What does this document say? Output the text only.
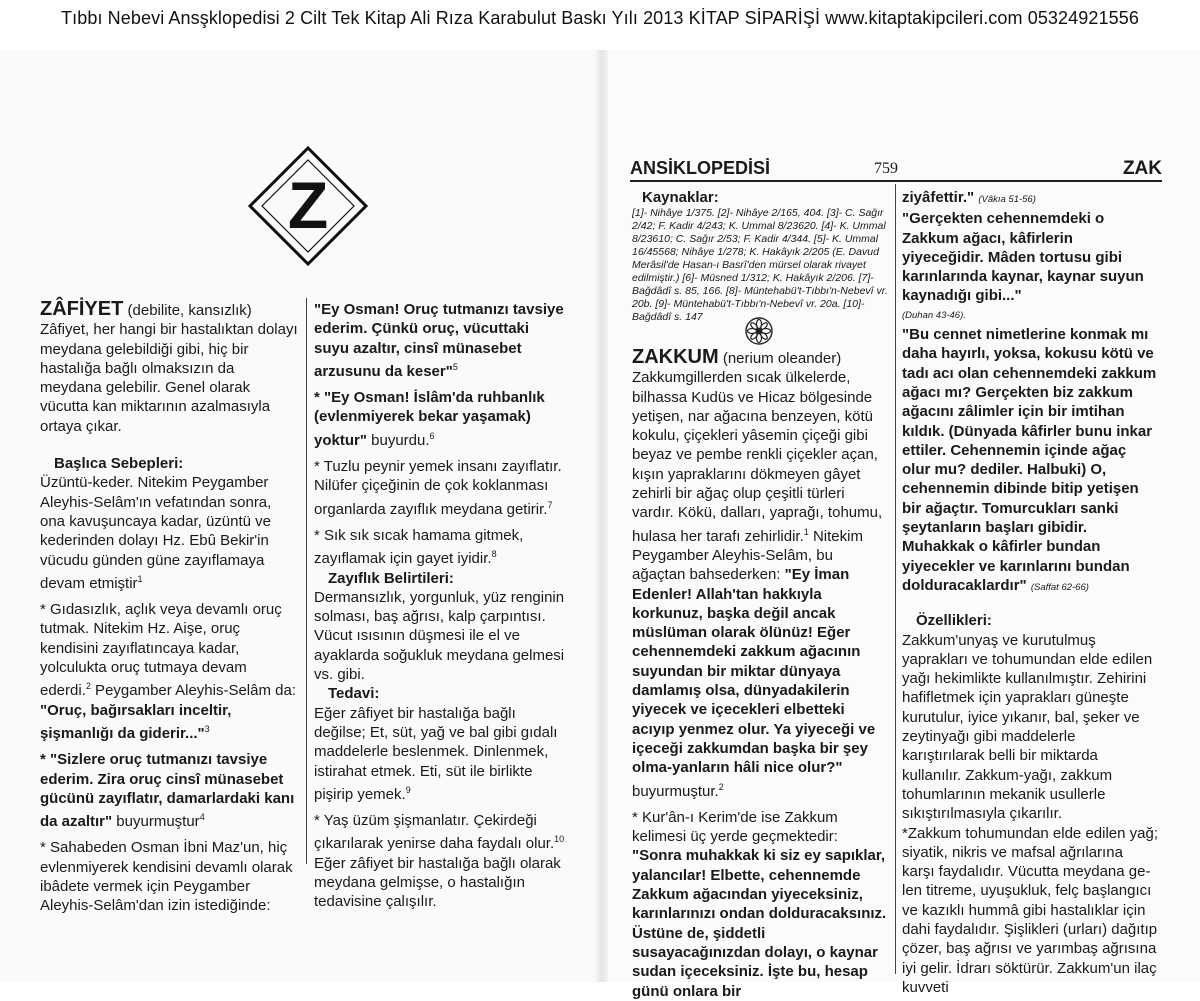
Tıbbı Nebevi Ansşklopedisi 2 Cilt Tek Kitap Ali Rıza Karabulut Baskı Yılı 2013 KİTAP SİPARİŞİ www.kitaptakipcileri.com 05324921556
Z	ANSİKLOPEDİSİ	759	ZAK

ZÂFİYET (debilite, kansızlık)

Zâfiyet, her hangi bir hastalıktan dolayı meydana gelebildiği gibi, hiç bir hastalığa bağlı olmaksızın da meydana gelebilir. Genel olarak vücutta kan miktarının azalmasıyla ortaya çıkar.

Başlıca Sebepleri:

Üzüntü-keder. Nitekim Peygamber Aleyhis-Selâm'ın vefatından sonra, ona kavuşuncaya kadar, üzüntü ve kederinden dolayı Hz. Ebû Bekir'in vücudu günden güne zayıflamaya devam etmiştir$^1$

* Gıdasızlık, açlık veya devamlı oruç tutmak. Nitekim Hz. Aişe, oruç kendisini zayıflatıncaya kadar, yolculukta oruç tutmaya devam ederdi.$^2$ Peygamber Aleyhis-Selâm da: "Oruç, bağırsakları inceltir, şişmanlığı da giderir..."$^3$

* "Sizlere oruç tutmanızı tavsiye ederim. Zira oruç cinsî münasebet gücünü zayıflatır, damarlardaki kanı da azaltır" buyurmuştur$^4$

* Sahabeden Osman İbni Maz'un, hiç evlenmiyerek kendisini devamlı olarak ibâdete vermek için Peygamber Aleyhis-Selâm'dan izin istediğinde:

"Ey Osman! Oruç tutmanızı tavsiye ederim. Çünkü oruç, vücuttaki suyu azaltır, cinsî münasebet arzusunu da keser"$^5$

* "Ey Osman! İslâm'da ruhbanlık (evlenmiyerek bekar yaşamak) yoktur" buyurdu.$^6$

* Tuzlu peynir yemek insanı zayıflatır. Nilüfer çiçeğinin de çok koklanması organlarda zayıflık meydana getirir.$^7$

* Sık sık sıcak hamama gitmek, zayıflamak için gayet iyidir.$^8$

Zayıflık Belirtileri:

Dermansızlık, yorgunluk, yüz renginin solması, baş ağrısı, kalp çarpıntısı. Vücut ısısının düşmesi ile el ve ayaklarda soğukluk meydana gelmesi vs. gibi.

Tedavi:

Eğer zâfiyet bir hastalığa bağlı değilse; Et, süt, yağ ve bal gibi gıdalı maddelerle beslenmek. Dinlenmek, istirahat etmek. Eti, süt ile birlikte pişirip yemek.$^9$

* Yaş üzüm şişmanlatır. Çekirdeği çıkarılarak yenirse daha faydalı olur.$^{10}$

Eğer zâfiyet bir hastalığa bağlı olarak meydana gelmişse, o hastalığın tedavisine çalışılır.

Kaynaklar:

[1]- Nihâye 1/375. [2]- Nihâye 2/165, 404. [3]- C. Sağır 2/42; F. Kadir 4/243; K. Ummal 8/23620. [4]- K. Ummal 8/23610; C. Sağır 2/53; F. Kadir 4/344. [5]- K. Ummal 16/45568; Nihâye 1/278; K. Hakâyık 2/205 (E. Davud Merâsil'de Hasan-ı Basrî'den mürsel olarak rivayet edilmiştir.) [6]- Müsned 1/312; K. Hakâyık 2/206. [7]- Bağdâdî s. 85, 166. [8]- Müntehabü't-Tıbbı'n-Nebevî vr. 20b. [9]- Müntehabü't-Tıbbı'n-Nebevî vr. 20a. [10]- Bağdâdî s. 147

ZAKKUM (nerium oleander)

Zakkumgillerden sıcak ülkelerde, bilhassa Kudüs ve Hicaz bölgesinde yetişen, nar ağacına benzeyen, kötü kokulu, çiçekleri yâsemin çiçeği gibi beyaz ve pembe renkli çiçekler açan, kışın yapraklarını dökmeyen gâyet zehirli bir ağaç olup çeşitli türleri vardır. Kökü, dalları, yaprağı, tohumu, hulasa her tarafı zehirlidir.$^1$ Nitekim Peygamber Aleyhis-Selâm, bu ağaçtan bahsederken: "Ey İman Edenler! Allah'tan hakkıyla korkunuz, başka değil ancak müslüman olarak ölünüz! Eğer cehennemdeki zakkum ağacının suyundan bir miktar dünyaya damlamış olsa, dünyadakilerin yiyecek ve içecekleri elbetteki acıyıp yenmez olur. Ya yiyeceği ve içeceği zakkumdan başka bir şey olma-yanların hâli nice olur?" buyurmuştur.$^2$

* Kur'ân-ı Kerim'de ise Zakkum kelimesi üç yerde geçmektedir: "Sonra muhakkak ki siz ey sapıklar, yalancılar! Elbette, cehennemde Zakkum ağacından yiyeceksiniz, karınlarınızı ondan dolduracaksınız. Üstüne de, şiddetli susayacağınızdan dolayı, o kaynar sudan içeceksiniz. İşte bu, hesap günü onlara bir

ziyâfettir." (Vâkıa 51-56)

"Gerçekten cehennemdeki o Zakkum ağacı, kâfirlerin yiyeceğidir. Mâden tortusu gibi karınlarında kaynar, kaynar suyun kaynadığı gibi..."

(Duhan 43-46).

"Bu cennet nimetlerine konmak mı daha hayırlı, yoksa, kokusu kötü ve tadı acı olan cehennemdeki zakkum ağacı mı? Gerçekten biz zakkum ağacını zâlimler için bir imtihan kıldık. (Dünyada kâfirler bunu inkar ettiler. Cehennemin içinde ağaç olur mu? dediler. Halbuki) O, cehennemin dibinde bitip yetişen bir ağaçtır. Tomurcukları sanki şeytanların başları gibidir. Muhakkak o kâfirler bundan yiyecekler ve karınlarını bundan dolduracaklardır" (Saffat 62-66)

Özellikleri:

Zakkum'unyaş ve kurutulmuş yaprakları ve tohumundan elde edilen yağı hekimlikte kullanılmıştır. Zehirini hafifletmek için yaprakları güneşte kurutulur, iyice yıkanır, bal, şeker ve zeytinyağı gibi maddelerle karıştırılarak belli bir miktarda kullanılır. Zakkum-yağı, zakkum tohumlarının mekanik usullerle sıkıştırılmasıyla çıkarılır.

*Zakkum tohumundan elde edilen yağ; siyatik, nikris ve mafsal ağrılarına karşı faydalıdır. Vücutta meydana ge-len titreme, uyuşukluk, felç başlangıcı ve kazıklı hummâ gibi hastalıklar için dahi faydalıdır. Şişlikleri (urları) dağıtıp çözer, baş ağrısı ve yarımbaş ağrısına iyi gelir. İdrarı söktürür. Zakkum'un ilaç kuvveti
